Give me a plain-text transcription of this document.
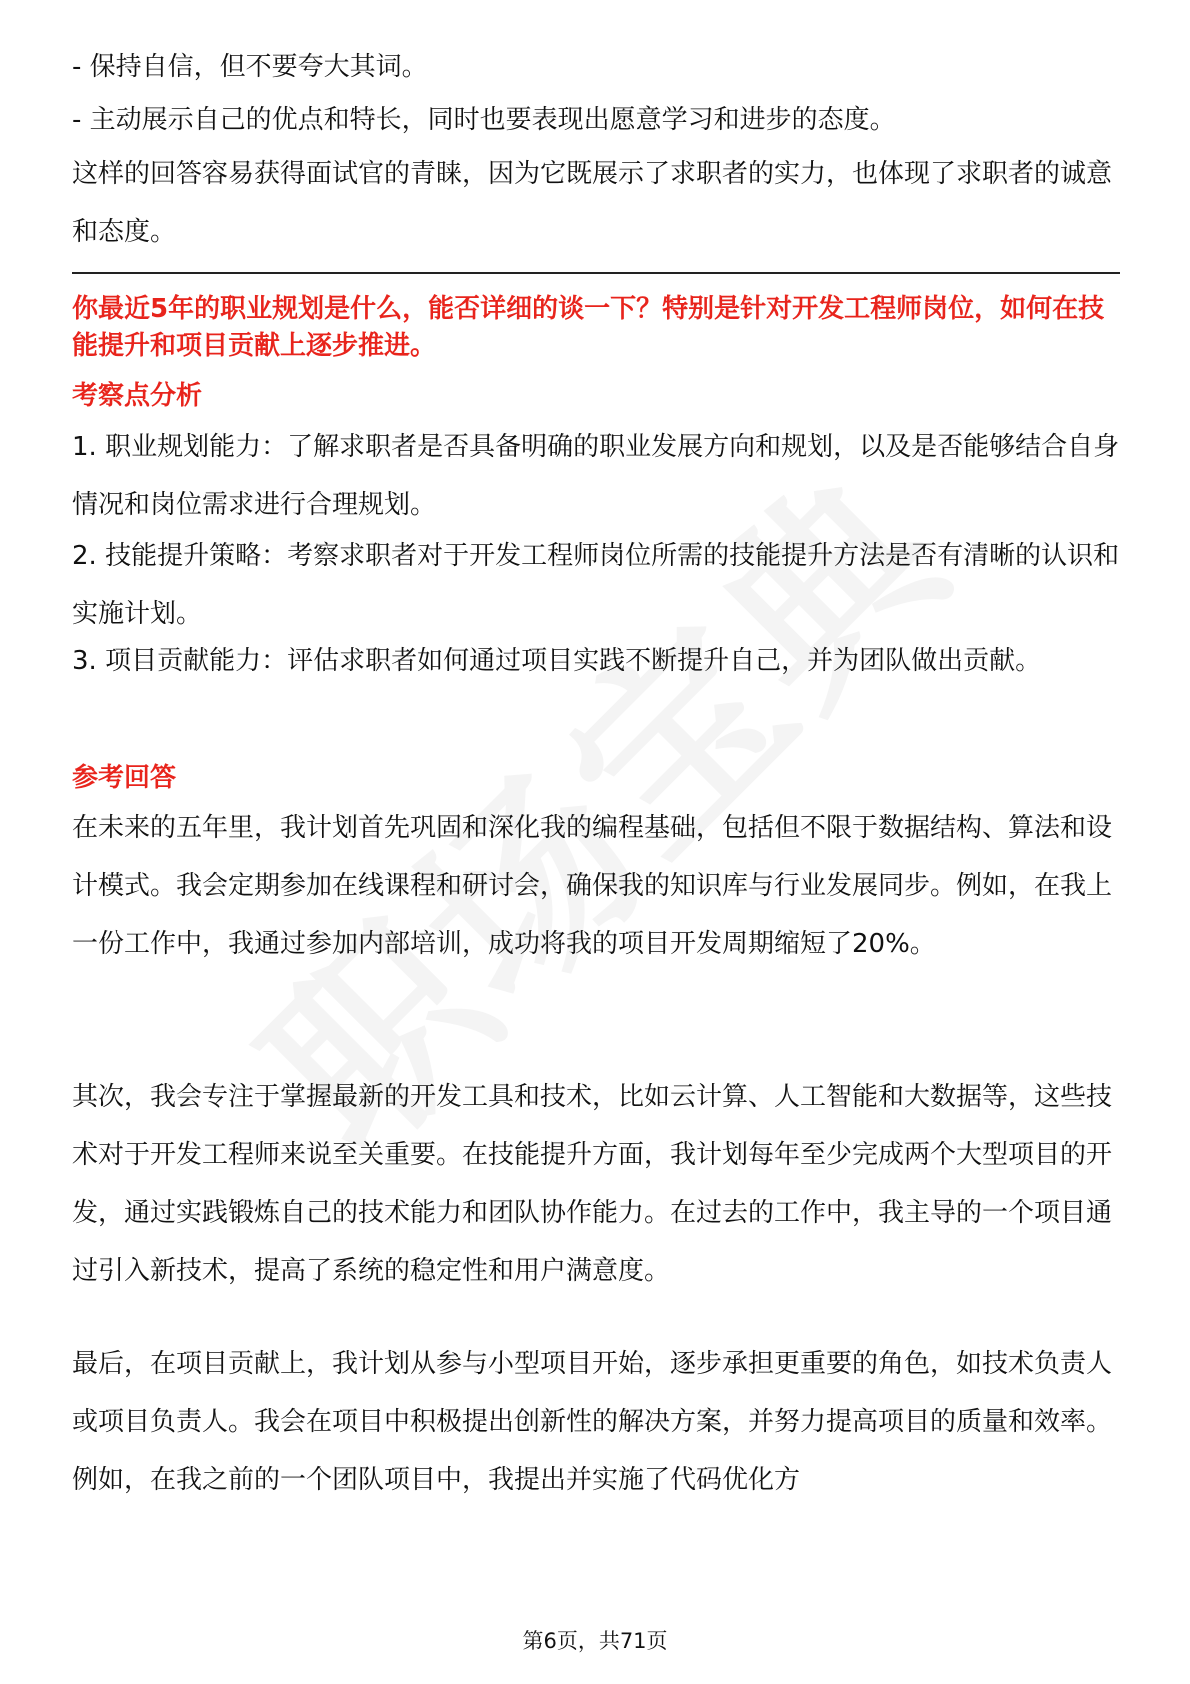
- 保持自信，但不要夸大其词。

- 主动展示自己的优点和特长，同时也要表现出愿意学习和进步的态度。

这样的回答容易获得面试官的青睐，因为它既展示了求职者的实力，也体现了求职者的诚意和态度。

你最近5年的职业规划是什么，能否详细的谈一下？特别是针对开发工程师岗位，如何在技能提升和项目贡献上逐步推进。

考察点分析

1. 职业规划能力：了解求职者是否具备明确的职业发展方向和规划，以及是否能够结合自身情况和岗位需求进行合理规划。

2. 技能提升策略：考察求职者对于开发工程师岗位所需的技能提升方法是否有清晰的认识和实施计划。

3. 项目贡献能力：评估求职者如何通过项目实践不断提升自己，并为团队做出贡献。

参考回答

在未来的五年里，我计划首先巩固和深化我的编程基础，包括但不限于数据结构、算法和设计模式。我会定期参加在线课程和研讨会，确保我的知识库与行业发展同步。例如，在我上一份工作中，我通过参加内部培训，成功将我的项目开发周期缩短了20%。

其次，我会专注于掌握最新的开发工具和技术，比如云计算、人工智能和大数据等，这些技术对于开发工程师来说至关重要。在技能提升方面，我计划每年至少完成两个大型项目的开发，通过实践锻炼自己的技术能力和团队协作能力。在过去的工作中，我主导的一个项目通过引入新技术，提高了系统的稳定性和用户满意度。

最后，在项目贡献上，我计划从参与小型项目开始，逐步承担更重要的角色，如技术负责人或项目负责人。我会在项目中积极提出创新性的解决方案，并努力提高项目的质量和效率。例如，在我之前的一个团队项目中，我提出并实施了代码优化方

第6页，共71页
